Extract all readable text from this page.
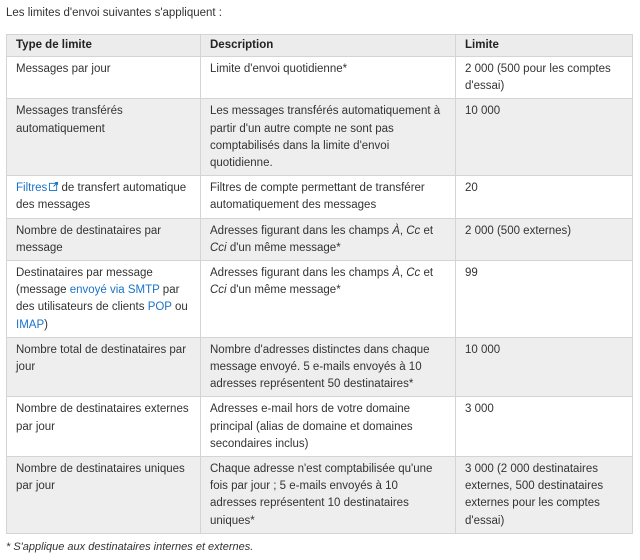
Les limites d'envoi suivantes s'appliquent :
Type de limite	Description	Limite
Messages par jour	Limite d'envoi quotidienne*	2 000 (500 pour les comptes d'essai)
Messages transférés automatiquement	Les messages transférés automatiquement à partir d'un autre compte ne sont pas comptabilisés dans la limite d'envoi quotidienne.	10 000
Filtres de transfert automatique des messages	Filtres de compte permettant de transférer automatiquement des messages	20
Nombre de destinataires par message	Adresses figurant dans les champs À, Cc et Cci d'un même message*	2 000 (500 externes)
Destinataires par message (message envoyé via SMTP par des utilisateurs de clients POP ou IMAP)	Adresses figurant dans les champs À, Cc et Cci d'un même message*	99
Nombre total de destinataires par jour	Nombre d'adresses distinctes dans chaque message envoyé. 5 e-mails envoyés à 10 adresses représentent 50 destinataires*	10 000
Nombre de destinataires externes par jour	Adresses e-mail hors de votre domaine principal (alias de domaine et domaines secondaires inclus)	3 000
Nombre de destinataires uniques par jour	Chaque adresse n'est comptabilisée qu'une fois par jour ; 5 e-mails envoyés à 10 adresses représentent 10 destinataires uniques*	3 000 (2 000 destinataires externes, 500 destinataires externes pour les comptes d'essai)
* S'applique aux destinataires internes et externes.
